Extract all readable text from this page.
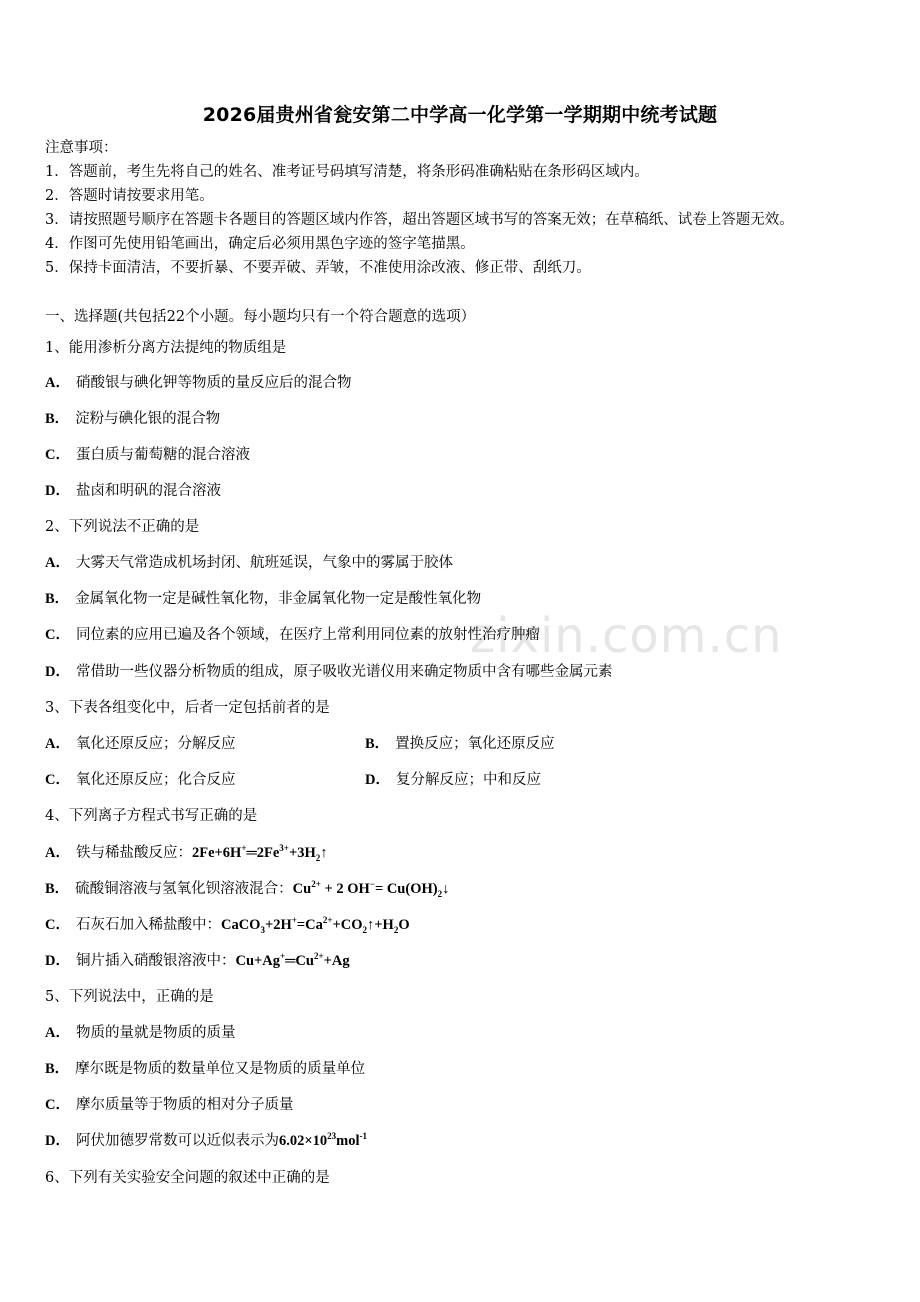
zixin.com.cn
2026届贵州省瓮安第二中学高一化学第一学期期中统考试题
注意事项：
1．答题前，考生先将自己的姓名、准考证号码填写清楚，将条形码准确粘贴在条形码区域内。
2．答题时请按要求用笔。
3．请按照题号顺序在答题卡各题目的答题区域内作答，超出答题区域书写的答案无效；在草稿纸、试卷上答题无效。
4．作图可先使用铅笔画出，确定后必须用黑色字迹的签字笔描黑。
5．保持卡面清洁，不要折暴、不要弄破、弄皱，不准使用涂改液、修正带、刮纸刀。
一、选择题(共包括22个小题。每小题均只有一个符合题意的选项）
1、能用渗析分离方法提纯的物质组是
A． 硝酸银与碘化钾等物质的量反应后的混合物
B． 淀粉与碘化银的混合物
C． 蛋白质与葡萄糖的混合溶液
D． 盐卤和明矾的混合溶液
2、下列说法不正确的是
A． 大雾天气常造成机场封闭、航班延误，气象中的雾属于胶体
B． 金属氧化物一定是碱性氧化物，非金属氧化物一定是酸性氧化物
C． 同位素的应用已遍及各个领域，在医疗上常利用同位素的放射性治疗肿瘤
D． 常借助一些仪器分析物质的组成，原子吸收光谱仪用来确定物质中含有哪些金属元素
3、下表各组变化中，后者一定包括前者的是
A． 氧化还原反应；分解反应	B． 置换反应；氧化还原反应
C． 氧化还原反应；化合反应	D． 复分解反应；中和反应
4、下列离子方程式书写正确的是
A． 铁与稀盐酸反应：$2Fe+6H^+═2Fe^{3+}+3H_2↑$
B． 硫酸铜溶液与氢氧化钡溶液混合：$Cu^{2+} + 2$ $OH^-= Cu(OH)_2↓$
C． 石灰石加入稀盐酸中：$CaCO_3+2H^+=Ca^{2+}+CO_2↑+H_2O$
D． 铜片插入硝酸银溶液中：$Cu+Ag^+═Cu^{2+}+Ag$
5、下列说法中，正确的是
A． 物质的量就是物质的质量
B． 摩尔既是物质的数量单位又是物质的质量单位
C． 摩尔质量等于物质的相对分子质量
D． 阿伏加德罗常数可以近似表示为$6.02\times 10^{23}mol^{-1}$
6、下列有关实验安全问题的叙述中正确的是
